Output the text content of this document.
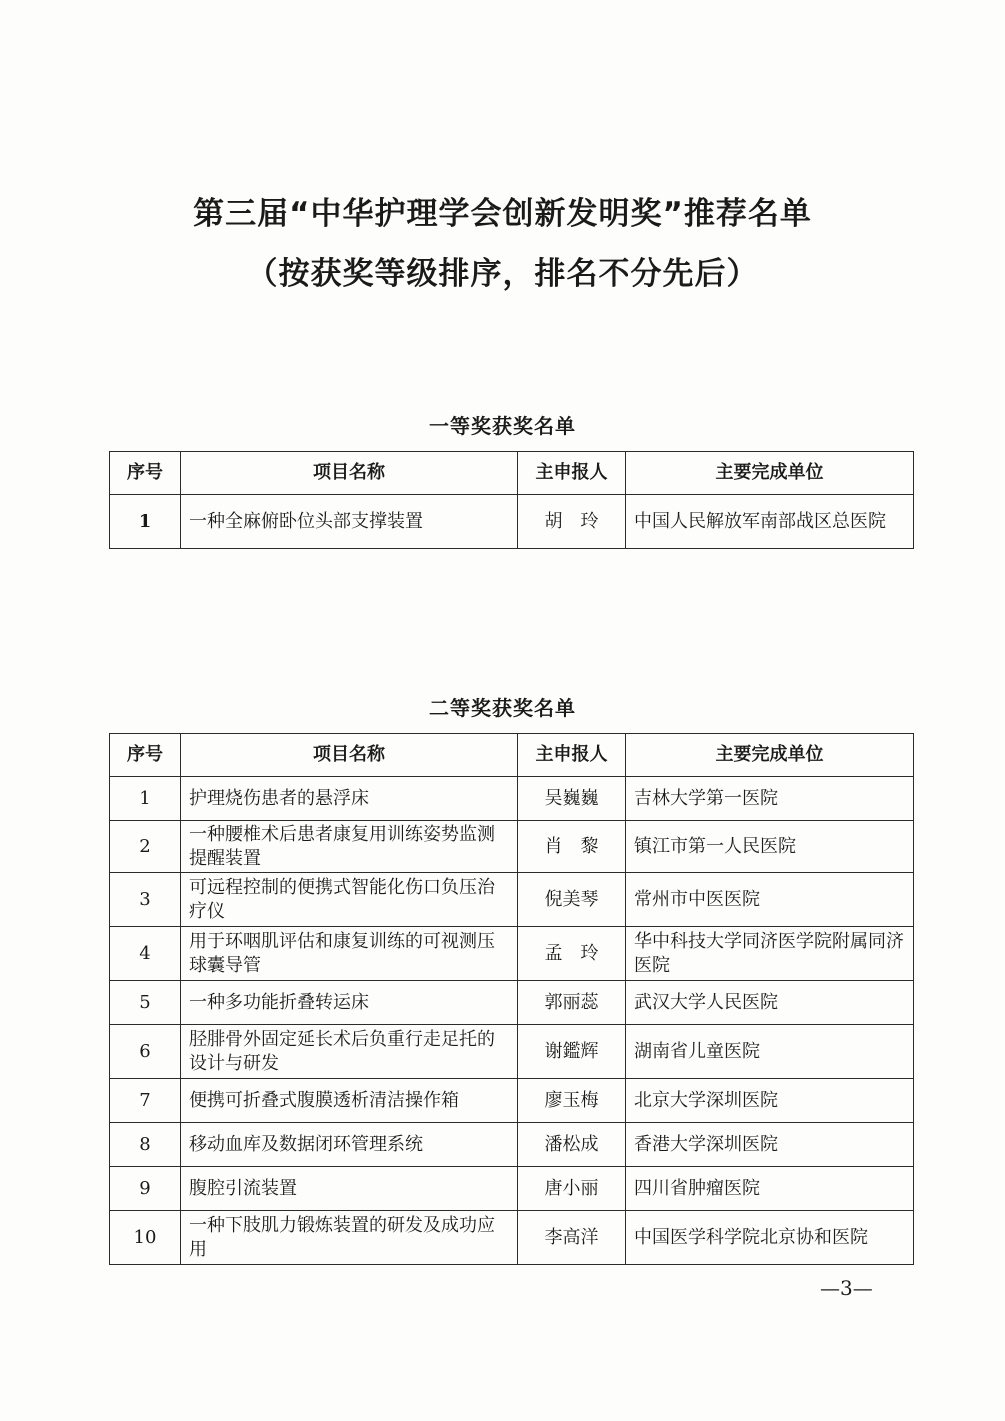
第三届“中华护理学会创新发明奖”推荐名单
（按获奖等级排序，排名不分先后）
一等奖获奖名单
序号	项目名称	主申报人	主要完成单位
1	一种全麻俯卧位头部支撑装置	胡　玲	中国人民解放军南部战区总医院
二等奖获奖名单
序号	项目名称	主申报人	主要完成单位
1	护理烧伤患者的悬浮床	吴巍巍	吉林大学第一医院
2	一种腰椎术后患者康复用训练姿势监测提醒装置	肖　黎	镇江市第一人民医院
3	可远程控制的便携式智能化伤口负压治疗仪	倪美琴	常州市中医医院
4	用于环咽肌评估和康复训练的可视测压球囊导管	孟　玲	华中科技大学同济医学院附属同济医院
5	一种多功能折叠转运床	郭丽蕊	武汉大学人民医院
6	胫腓骨外固定延长术后负重行走足托的设计与研发	谢鑑辉	湖南省儿童医院
7	便携可折叠式腹膜透析清洁操作箱	廖玉梅	北京大学深圳医院
8	移动血库及数据闭环管理系统	潘松成	香港大学深圳医院
9	腹腔引流装置	唐小丽	四川省肿瘤医院
10	一种下肢肌力锻炼装置的研发及成功应用	李高洋	中国医学科学院北京协和医院
—3—
